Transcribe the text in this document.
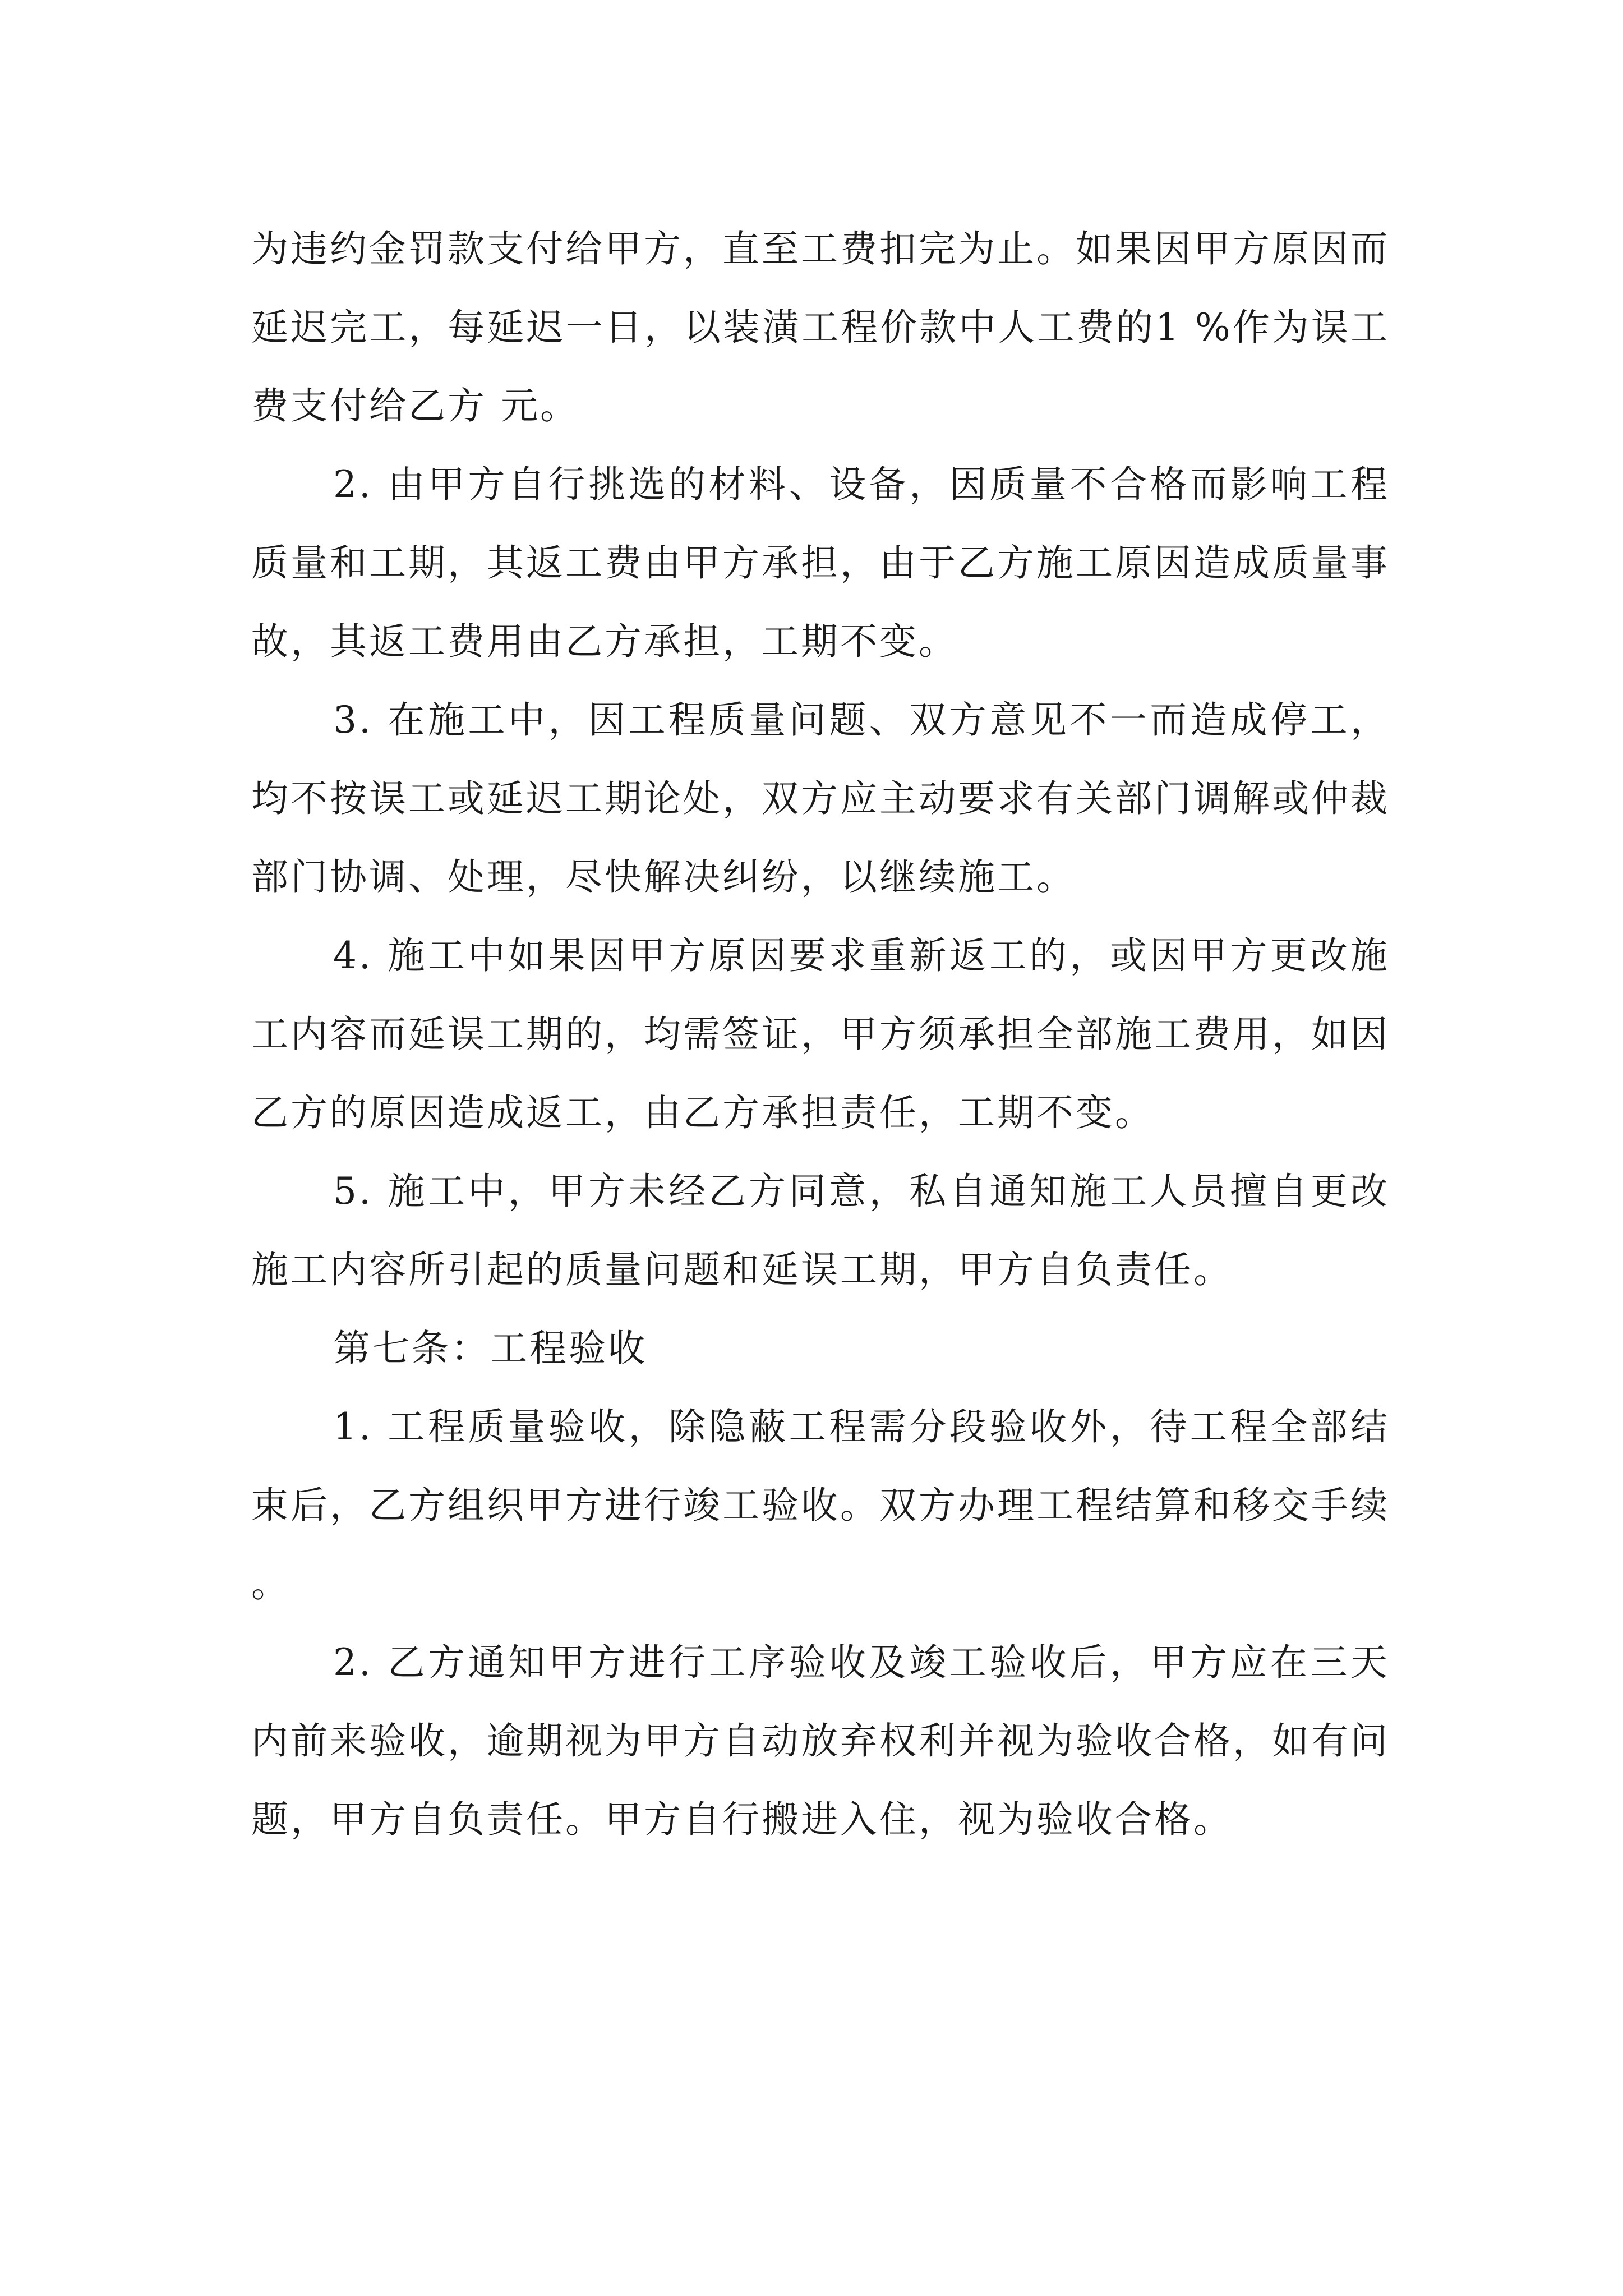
为违约金罚款支付给甲方，直至工费扣完为止。如果因甲方原因而延迟完工，每延迟一日，以装潢工程价款中人工费的1 %作为误工费支付给乙方 元。

2. 由甲方自行挑选的材料、设备，因质量不合格而影响工程质量和工期，其返工费由甲方承担，由于乙方施工原因造成质量事故，其返工费用由乙方承担，工期不变。

3. 在施工中，因工程质量问题、双方意见不一而造成停工，均不按误工或延迟工期论处，双方应主动要求有关部门调解或仲裁部门协调、处理，尽快解决纠纷，以继续施工。

4. 施工中如果因甲方原因要求重新返工的，或因甲方更改施工内容而延误工期的，均需签证，甲方须承担全部施工费用，如因乙方的原因造成返工，由乙方承担责任，工期不变。

5. 施工中，甲方未经乙方同意，私自通知施工人员擅自更改施工内容所引起的质量问题和延误工期，甲方自负责任。

第七条：工程验收

1. 工程质量验收，除隐蔽工程需分段验收外，待工程全部结束后，乙方组织甲方进行竣工验收。双方办理工程结算和移交手续。

2. 乙方通知甲方进行工序验收及竣工验收后，甲方应在三天内前来验收，逾期视为甲方自动放弃权利并视为验收合格，如有问题，甲方自负责任。甲方自行搬进入住，视为验收合格。
